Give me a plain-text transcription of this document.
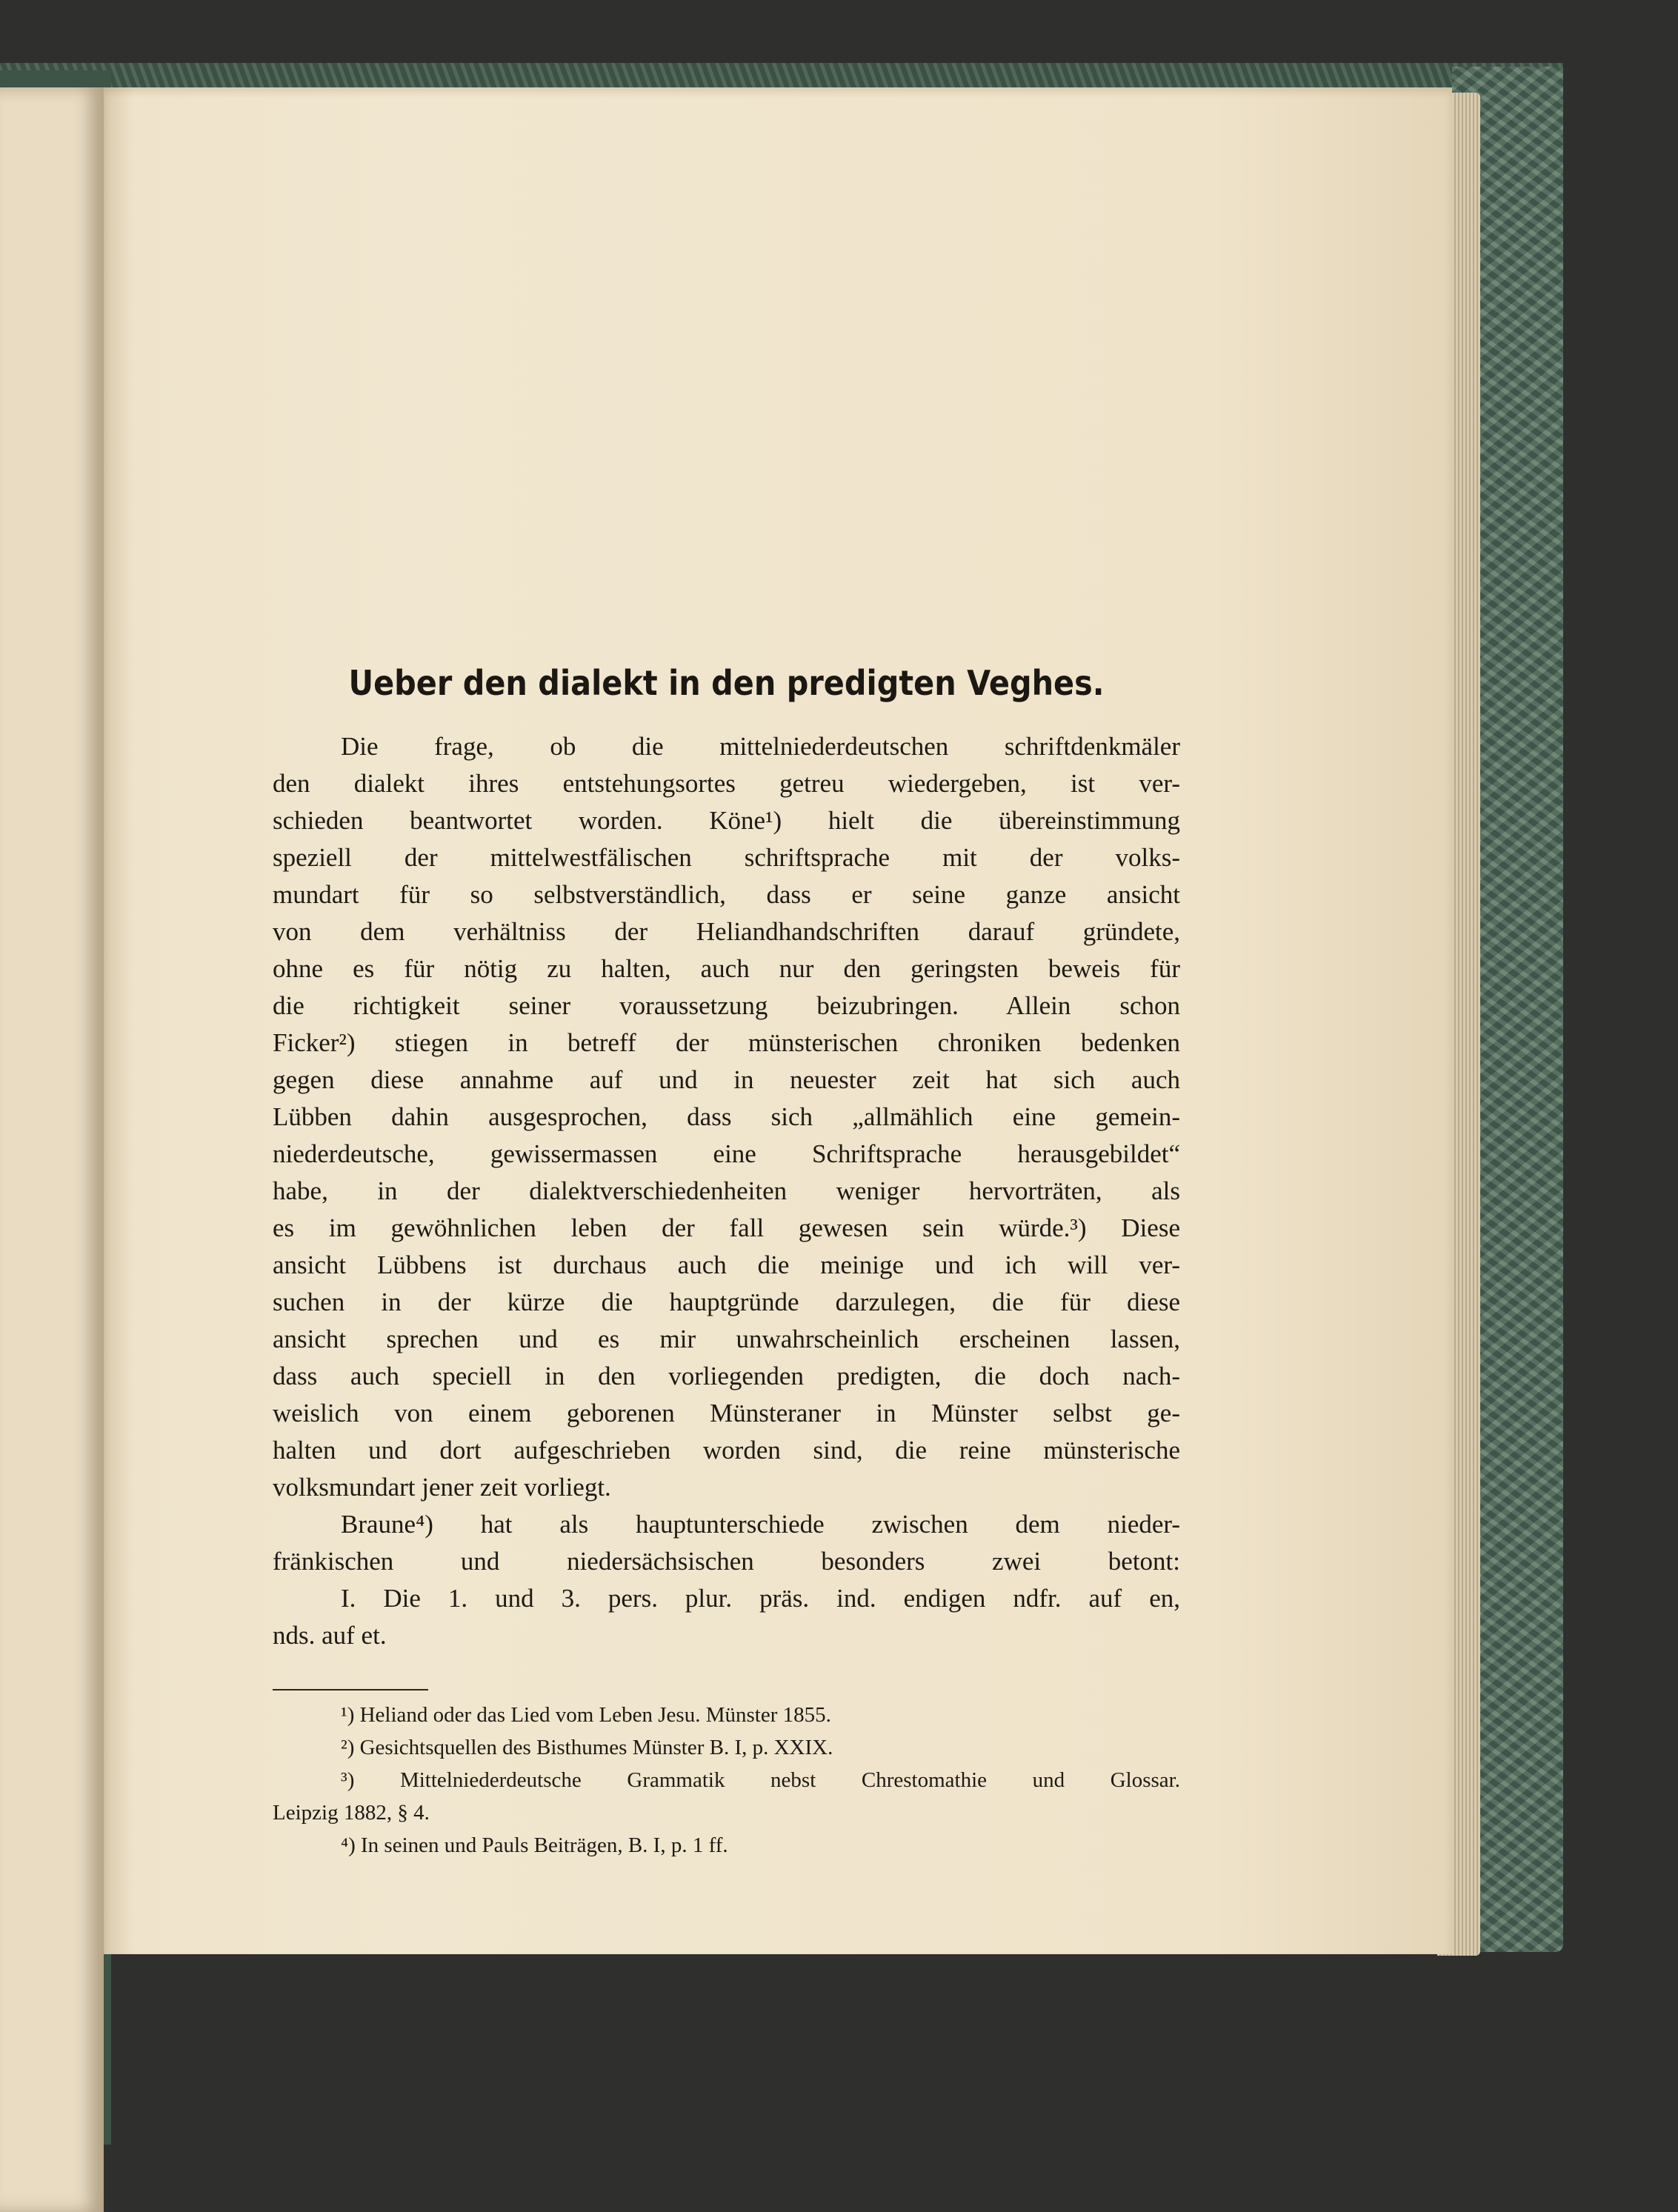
Ueber den dialekt in den predigten Veghes.
Die frage, ob die mittelniederdeutschen schriftdenkmäler
den dialekt ihres entstehungsortes getreu wiedergeben, ist ver-
schieden beantwortet worden. Köne¹) hielt die übereinstimmung
speziell der mittelwestfälischen schriftsprache mit der volks-
mundart für so selbstverständlich, dass er seine ganze ansicht
von dem verhältniss der Heliandhandschriften darauf gründete,
ohne es für nötig zu halten, auch nur den geringsten beweis für
die richtigkeit seiner voraussetzung beizubringen. Allein schon
Ficker²) stiegen in betreff der münsterischen chroniken bedenken
gegen diese annahme auf und in neuester zeit hat sich auch
Lübben dahin ausgesprochen, dass sich „allmählich eine gemein-
niederdeutsche, gewissermassen eine Schriftsprache herausgebildet“
habe, in der dialektverschiedenheiten weniger hervorträten, als
es im gewöhnlichen leben der fall gewesen sein würde.³) Diese
ansicht Lübbens ist durchaus auch die meinige und ich will ver-
suchen in der kürze die hauptgründe darzulegen, die für diese
ansicht sprechen und es mir unwahrscheinlich erscheinen lassen,
dass auch speciell in den vorliegenden predigten, die doch nach-
weislich von einem geborenen Münsteraner in Münster selbst ge-
halten und dort aufgeschrieben worden sind, die reine münsterische
volksmundart jener zeit vorliegt.
Braune⁴) hat als hauptunterschiede zwischen dem nieder-
fränkischen und niedersächsischen besonders zwei betont:
I. Die 1. und 3. pers. plur. präs. ind. endigen ndfr. auf en,
nds. auf et.
¹) Heliand oder das Lied vom Leben Jesu. Münster 1855.
²) Gesichtsquellen des Bisthumes Münster B. I, p. XXIX.
³) Mittelniederdeutsche Grammatik nebst Chrestomathie und Glossar.
Leipzig 1882, § 4.
⁴) In seinen und Pauls Beiträgen, B. I, p. 1 ff.
